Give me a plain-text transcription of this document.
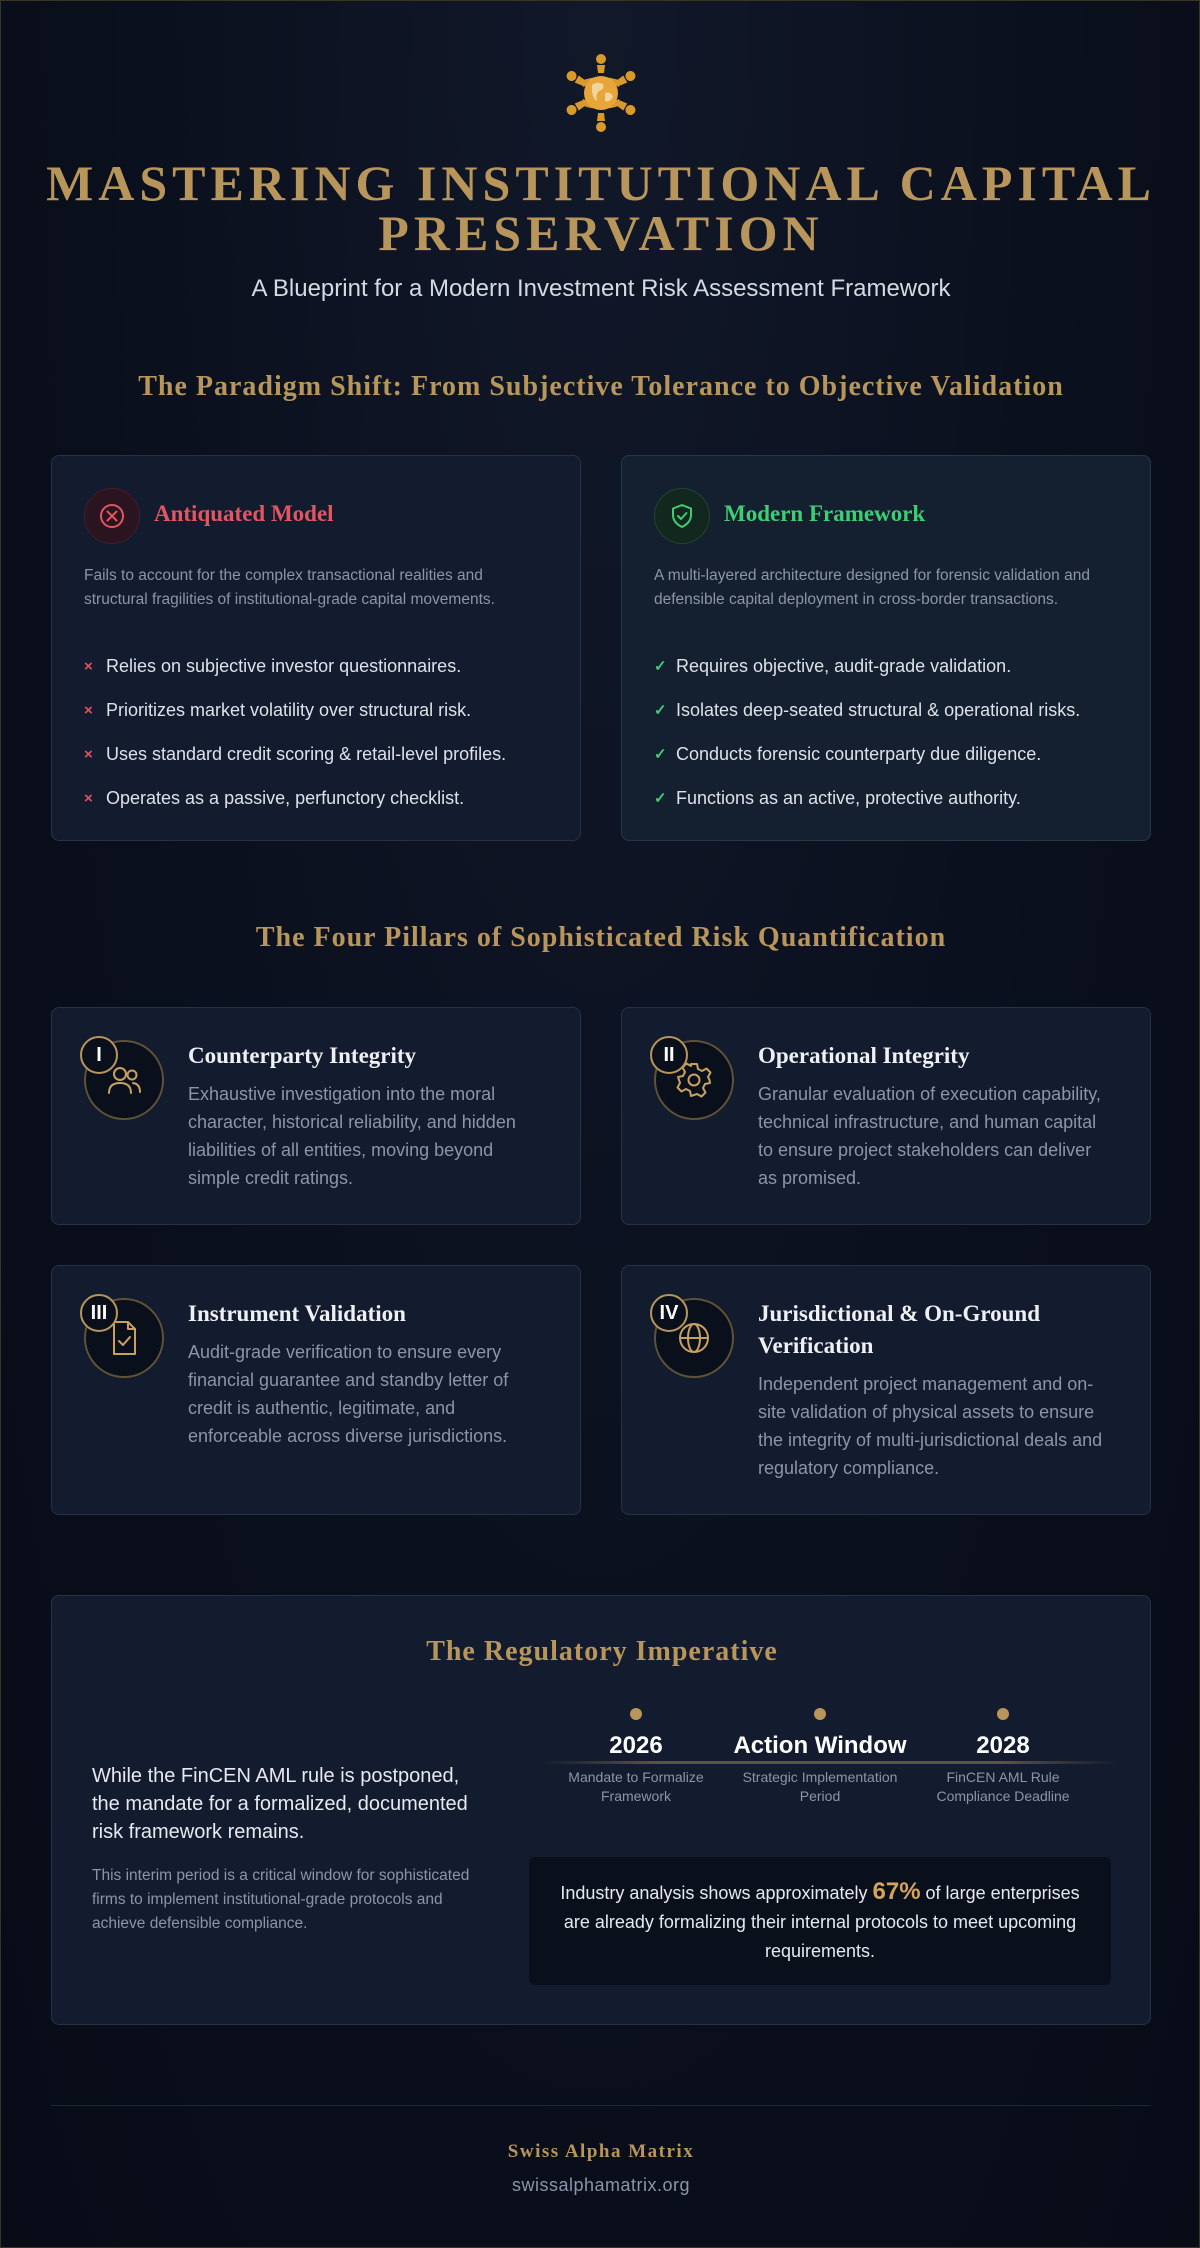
MASTERING INSTITUTIONAL CAPITAL
PRESERVATION
A Blueprint for a Modern Investment Risk Assessment Framework
The Paradigm Shift: From Subjective Tolerance to Objective Validation
Antiquated Model
Fails to account for the complex transactional realities and structural fragilities of institutional-grade capital movements.
× Relies on subjective investor questionnaires.
× Prioritizes market volatility over structural risk.
× Uses standard credit scoring & retail-level profiles.
× Operates as a passive, perfunctory checklist.
Modern Framework
A multi-layered architecture designed for forensic validation and defensible capital deployment in cross-border transactions.
✓ Requires objective, audit-grade validation.
✓ Isolates deep-seated structural & operational risks.
✓ Conducts forensic counterparty due diligence.
✓ Functions as an active, protective authority.
The Four Pillars of Sophisticated Risk Quantification
I	Counterparty Integrity
Exhaustive investigation into the moral character, historical reliability, and hidden liabilities of all entities, moving beyond simple credit ratings.
II	Operational Integrity
Granular evaluation of execution capability, technical infrastructure, and human capital to ensure project stakeholders can deliver as promised.
III	Instrument Validation
Audit-grade verification to ensure every financial guarantee and standby letter of credit is authentic, legitimate, and enforceable across diverse jurisdictions.
IV	Jurisdictional & On-Ground Verification
Independent project management and on-site validation of physical assets to ensure the integrity of multi-jurisdictional deals and regulatory compliance.
The Regulatory Imperative
While the FinCEN AML rule is postponed, the mandate for a formalized, documented risk framework remains.
This interim period is a critical window for sophisticated firms to implement institutional-grade protocols and achieve defensible compliance.
2026
Mandate to Formalize Framework
Action Window
Strategic Implementation Period
2028
FinCEN AML Rule Compliance Deadline
Industry analysis shows approximately 67% of large enterprises are already formalizing their internal protocols to meet upcoming requirements.
Swiss Alpha Matrix
swissalphamatrix.org
